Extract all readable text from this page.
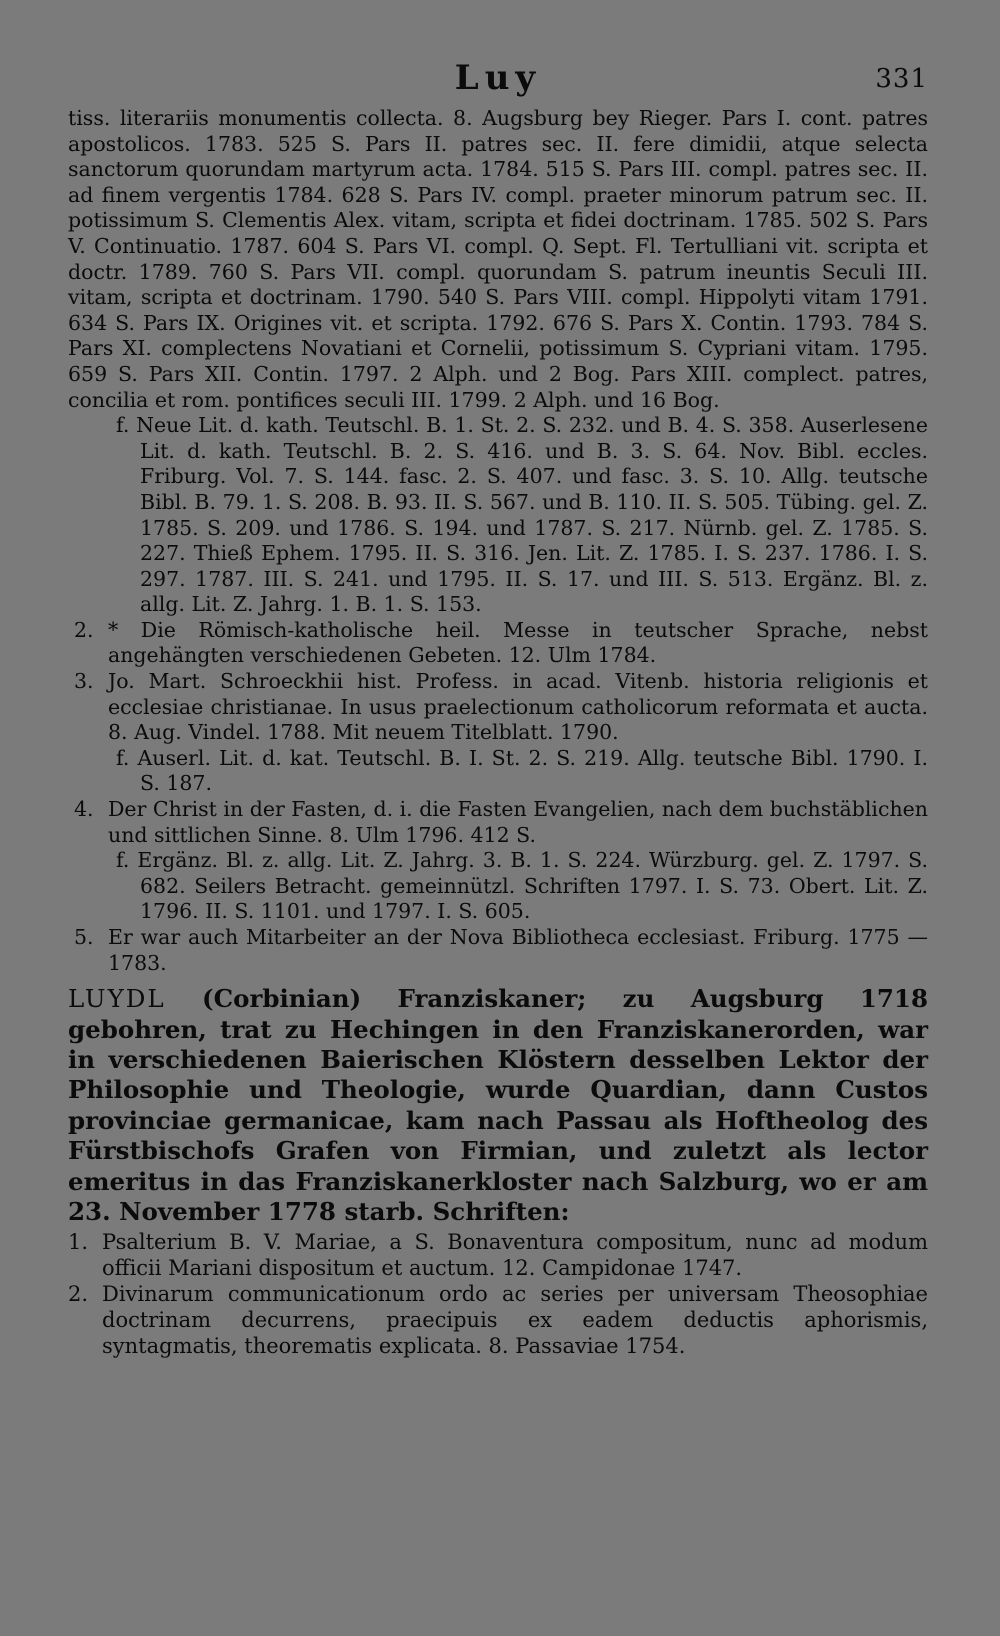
Luy	331

tiss. literariis monumentis collecta. 8. Augsburg bey Rieger. Pars I. cont. patres apostolicos. 1783. 525 S. Pars II. patres sec. II. fere dimidii, atque selecta sanctorum quorundam martyrum acta. 1784. 515 S. Pars III. compl. patres sec. II. ad finem vergentis 1784. 628 S. Pars IV. compl. praeter minorum patrum sec. II. potissimum S. Clementis Alex. vitam, scripta et fidei doctrinam. 1785. 502 S. Pars V. Continuatio. 1787. 604 S. Pars VI. compl. Q. Sept. Fl. Tertulliani vit. scripta et doctr. 1789. 760 S. Pars VII. compl. quorundam S. patrum ineuntis Seculi III. vitam, scripta et doctrinam. 1790. 540 S. Pars VIII. compl. Hippolyti vitam 1791. 634 S. Pars IX. Origines vit. et scripta. 1792. 676 S. Pars X. Contin. 1793. 784 S. Pars XI. complectens Novatiani et Cornelii, potissimum S. Cypriani vitam. 1795. 659 S. Pars XII. Contin. 1797. 2 Alph. und 2 Bog. Pars XIII. complect. patres, concilia et rom. pontifices seculi III. 1799. 2 Alph. und 16 Bog.

f. Neue Lit. d. kath. Teutschl. B. 1. St. 2. S. 232. und B. 4. S. 358. Auserlesene Lit. d. kath. Teutschl. B. 2. S. 416. und B. 3. S. 64. Nov. Bibl. eccles. Friburg. Vol. 7. S. 144. fasc. 2. S. 407. und fasc. 3. S. 10. Allg. teutsche Bibl. B. 79. 1. S. 208. B. 93. II. S. 567. und B. 110. II. S. 505. Tübing. gel. Z. 1785. S. 209. und 1786. S. 194. und 1787. S. 217. Nürnb. gel. Z. 1785. S. 227. Thieß Ephem. 1795. II. S. 316. Jen. Lit. Z. 1785. I. S. 237. 1786. I. S. 297. 1787. III. S. 241. und 1795. II. S. 17. und III. S. 513. Ergänz. Bl. z. allg. Lit. Z. Jahrg. 1. B. 1. S. 153.

2. * Die Römisch-katholische heil. Messe in teutscher Sprache, nebst angehängten verschiedenen Gebeten. 12. Ulm 1784.

3. Jo. Mart. Schroeckhii hist. Profess. in acad. Vitenb. historia religionis et ecclesiae christianae. In usus praelectionum catholicorum reformata et aucta. 8. Aug. Vindel. 1788. Mit neuem Titelblatt. 1790.

f. Auserl. Lit. d. kat. Teutschl. B. I. St. 2. S. 219. Allg. teutsche Bibl. 1790. I. S. 187.

4. Der Christ in der Fasten, d. i. die Fasten Evangelien, nach dem buchstäblichen und sittlichen Sinne. 8. Ulm 1796. 412 S.

f. Ergänz. Bl. z. allg. Lit. Z. Jahrg. 3. B. 1. S. 224. Würzburg. gel. Z. 1797. S. 682. Seilers Betracht. gemeinnützl. Schriften 1797. I. S. 73. Obert. Lit. Z. 1796. II. S. 1101. und 1797. I. S. 605.

5. Er war auch Mitarbeiter an der Nova Bibliotheca ecclesiast. Friburg. 1775 — 1783.

LUYDL (Corbinian) Franziskaner; zu Augsburg 1718 gebohren, trat zu Hechingen in den Franziskanerorden, war in verschiedenen Baierischen Klöstern desselben Lektor der Philosophie und Theologie, wurde Quardian, dann Custos provinciae germanicae, kam nach Passau als Hoftheolog des Fürstbischofs Grafen von Firmian, und zuletzt als lector emeritus in das Franziskanerkloster nach Salzburg, wo er am 23. November 1778 starb. Schriften:

1. Psalterium B. V. Mariae, a S. Bonaventura compositum, nunc ad modum officii Mariani dispositum et auctum. 12. Campidonae 1747.

2. Divinarum communicationum ordo ac series per universam Theosophiae doctrinam decurrens, praecipuis ex eadem deductis aphorismis, syntagmatis, theorematis explicata. 8. Passaviae 1754.
